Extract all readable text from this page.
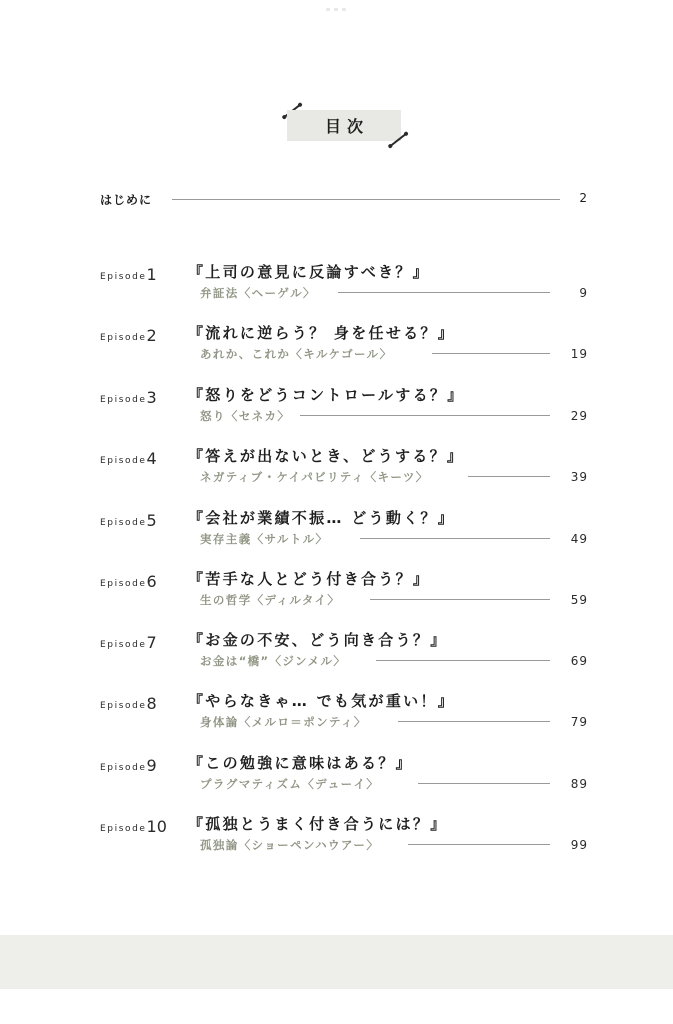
目次
はじめに	2
Episode1 『上司の意見に反論すべき？』
弁証法〈ヘーゲル〉	9
Episode2 『流れに逆らう？ 身を任せる？』
あれか、これか〈キルケゴール〉	19
Episode3 『怒りをどうコントロールする？』
怒り〈セネカ〉	29
Episode4 『答えが出ないとき、どうする？』
ネガティブ・ケイパビリティ〈キーツ〉	39
Episode5 『会社が業績不振… どう動く？』
実存主義〈サルトル〉	49
Episode6 『苦手な人とどう付き合う？』
生の哲学〈ディルタイ〉	59
Episode7 『お金の不安、どう向き合う？』
お金は“橋”〈ジンメル〉	69
Episode8 『やらなきゃ… でも気が重い！』
身体論〈メルロ＝ポンティ〉	79
Episode9 『この勉強に意味はある？』
プラグマティズム〈デューイ〉	89
Episode10 『孤独とうまく付き合うには？』
孤独論〈ショーペンハウアー〉	99
